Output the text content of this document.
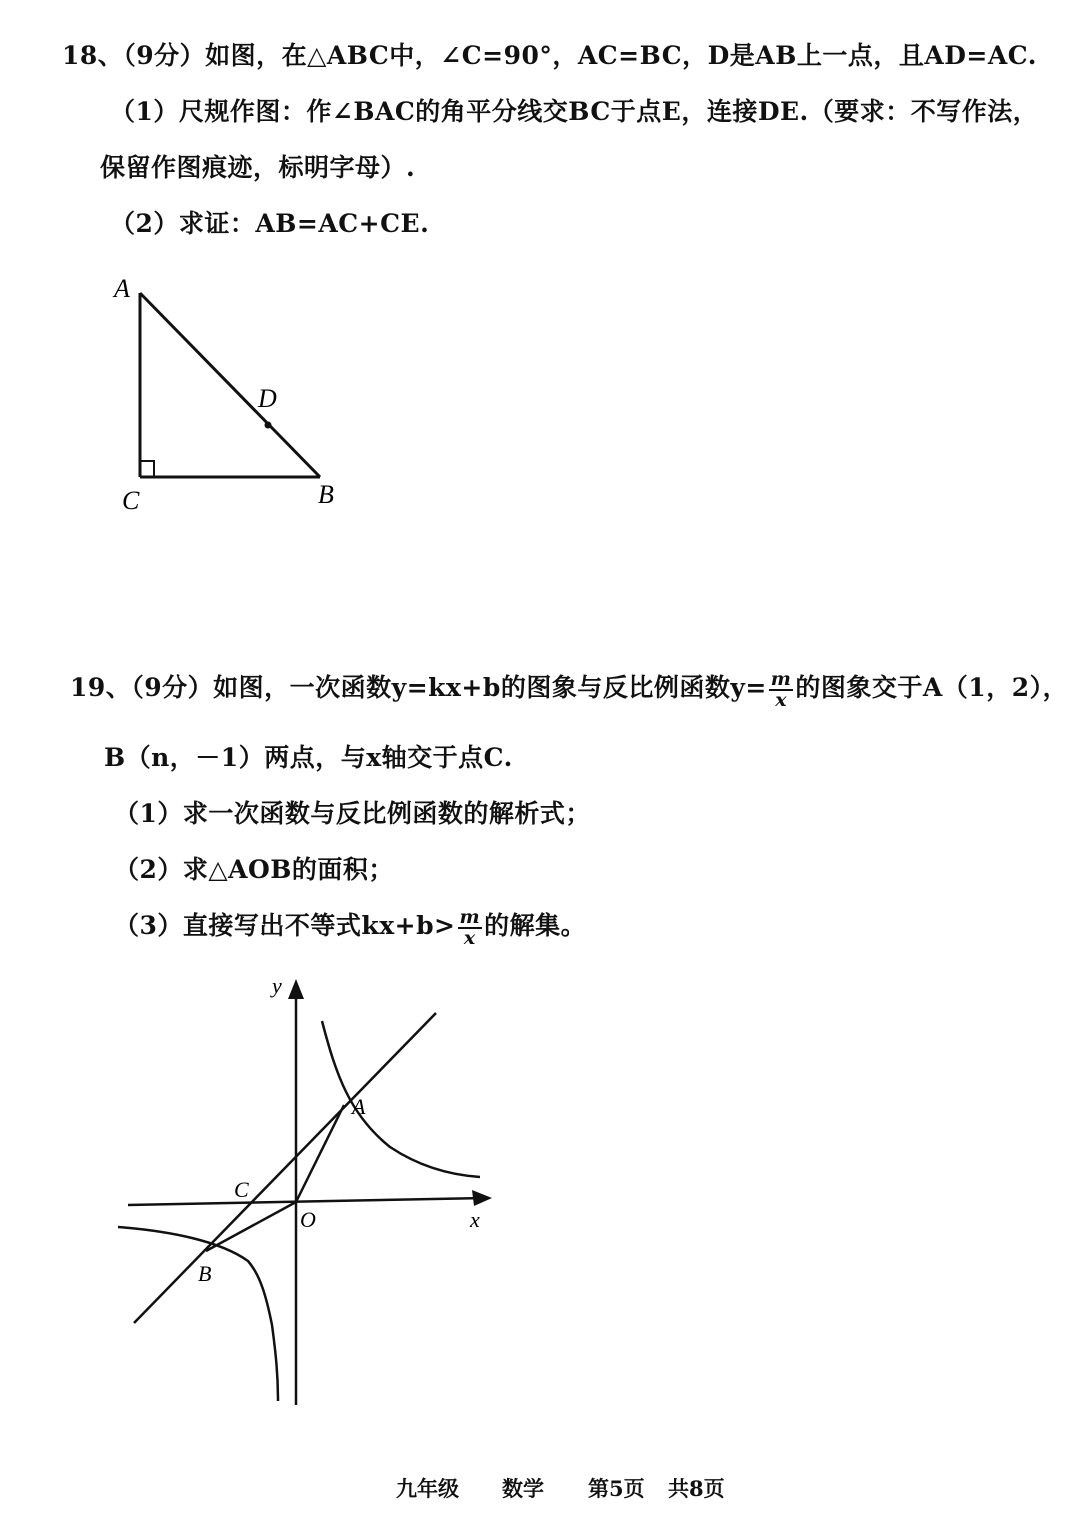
18、（9分）如图，在△ABC中，∠C=90°，AC=BC，D是AB上一点，且AD=AC.
（1）尺规作图：作∠BAC的角平分线交BC于点E，连接DE.（要求：不写作法，
保留作图痕迹，标明字母）.
（2）求证：AB=AC+CE.
A
D
C	B
19、（9分）如图，一次函数y=kx+b的图象与反比例函数$y= \frac{m}{x}$ 的图象交于A（1，2），
B（n，－1）两点，与x轴交于点C.
（1）求一次函数与反比例函数的解析式；
（2）求△AOB的面积；
（3）直接写出不等式$kx+b> \frac{m}{x}$ 的解集。
y
A
C
O	x
B
九年级 数学 第5页 共8页
